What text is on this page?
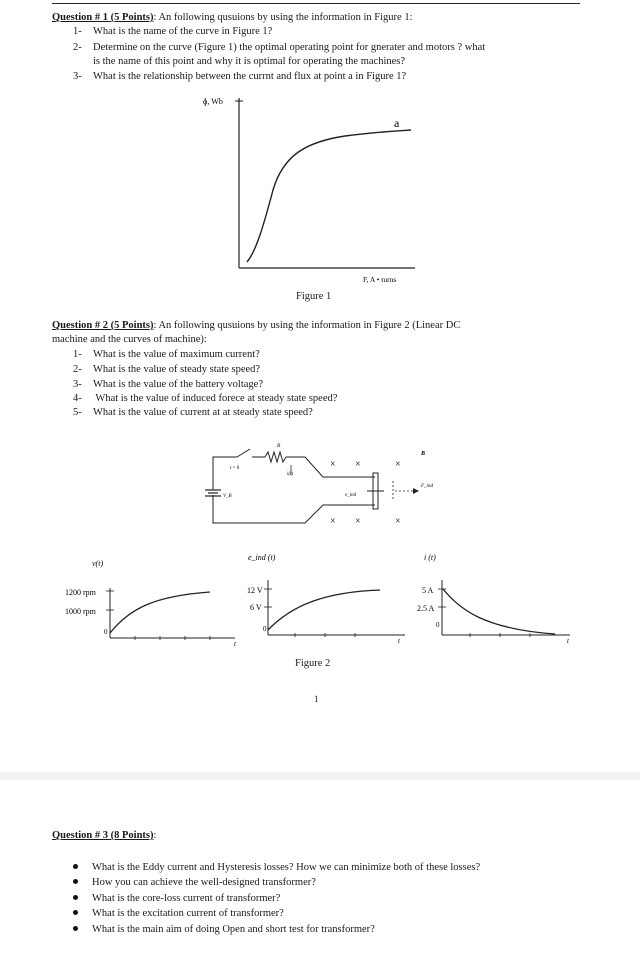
Question # 1 (5 Points): An following qusuions by using the information in Figure 1:
1- What is the name of the curve in Figure 1?
2- Determine on the curve (Figure 1) the optimal operating point for gnerater and motors ? what
is the name of this point and why it is optimal for operating the machines?
3- What is the relationship between the currnt and flux at point a in Figure 1?
ɸ, Wb
a
F, A • turns
Figure 1
Question # 2 (5 Points): An following qusuions by using the information in Figure 2 (Linear DC
machine and the curves of machine):
1- What is the value of maximum current?
2- What is the value of steady state speed?
3- What is the value of the battery voltage?
4- What is the value of induced forece at steady state speed?
5- What is the value of current at at steady state speed?
× ×	×
× ×	×
t = 0
R
i(t)
V_B	e_ind
B
F_ind
v(t)
1200 rpm
1000 rpm
0
t
e_ind (t)
12 V
6 V
0
t
i (t)
5 A
2.5 A
0
t
Figure 2
1
Question # 3 (8 Points):
What is the Eddy current and Hysteresis losses? How we can minimize both of these losses?
How you can achieve the well-designed transformer?
What is the core-loss current of transformer?
What is the excitation current of transformer?
What is the main aim of doing Open and short test for transformer?
